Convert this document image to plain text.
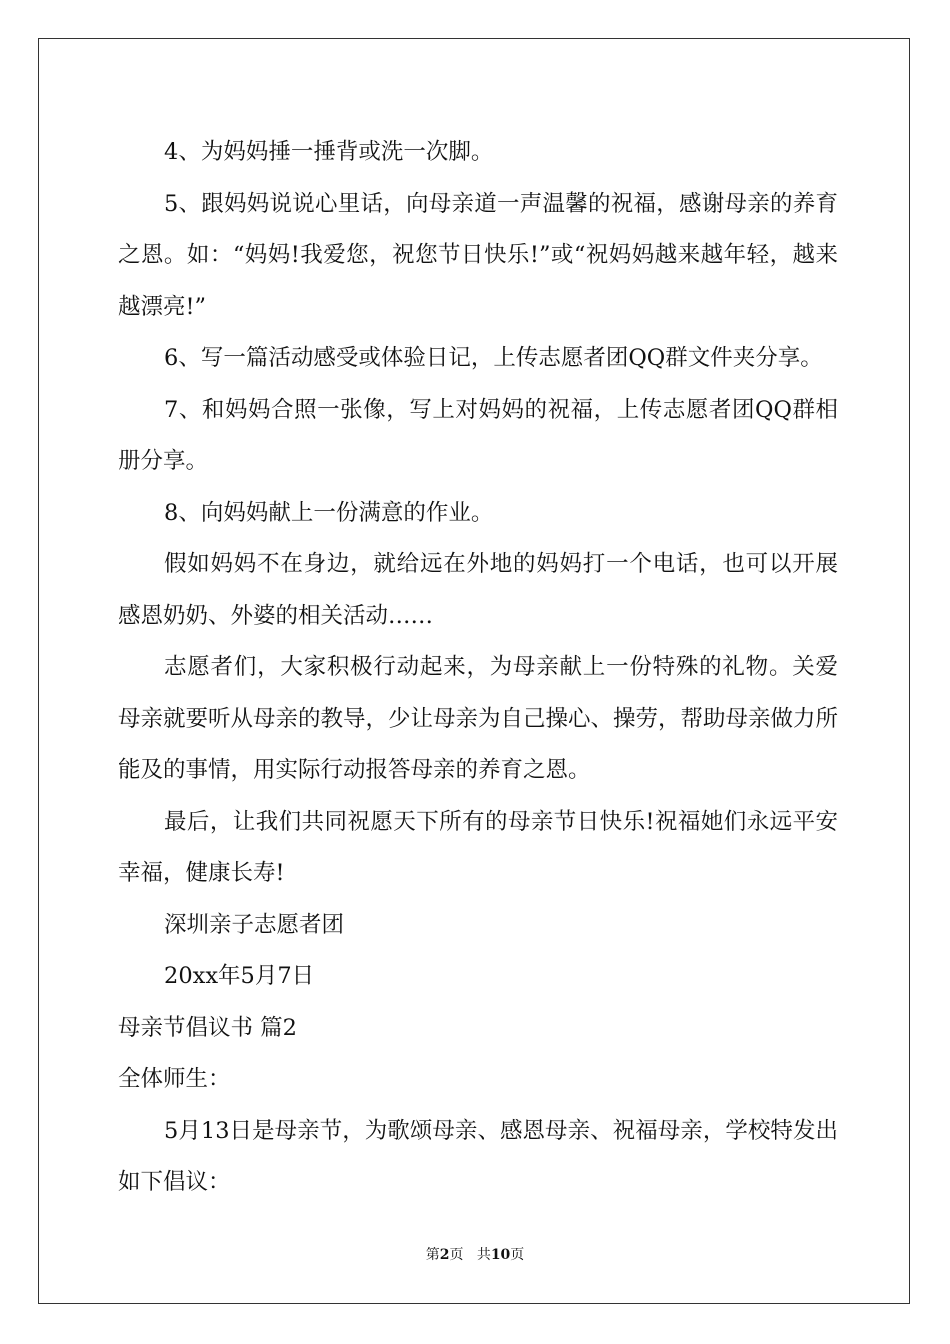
4、为妈妈捶一捶背或洗一次脚。

5、跟妈妈说说心里话，向母亲道一声温馨的祝福，感谢母亲的养育之恩。如：“妈妈!我爱您，祝您节日快乐!”或“祝妈妈越来越年轻，越来越漂亮!”

6、写一篇活动感受或体验日记，上传志愿者团QQ群文件夹分享。

7、和妈妈合照一张像，写上对妈妈的祝福，上传志愿者团QQ群相册分享。

8、向妈妈献上一份满意的作业。

假如妈妈不在身边，就给远在外地的妈妈打一个电话，也可以开展感恩奶奶、外婆的相关活动……

志愿者们，大家积极行动起来，为母亲献上一份特殊的礼物。关爱母亲就要听从母亲的教导，少让母亲为自己操心、操劳，帮助母亲做力所能及的事情，用实际行动报答母亲的养育之恩。

最后，让我们共同祝愿天下所有的母亲节日快乐!祝福她们永远平安幸福，健康长寿!

深圳亲子志愿者团

20xx年5月7日

母亲节倡议书 篇2

全体师生：

5月13日是母亲节，为歌颂母亲、感恩母亲、祝福母亲，学校特发出如下倡议：

第2页 共10页
